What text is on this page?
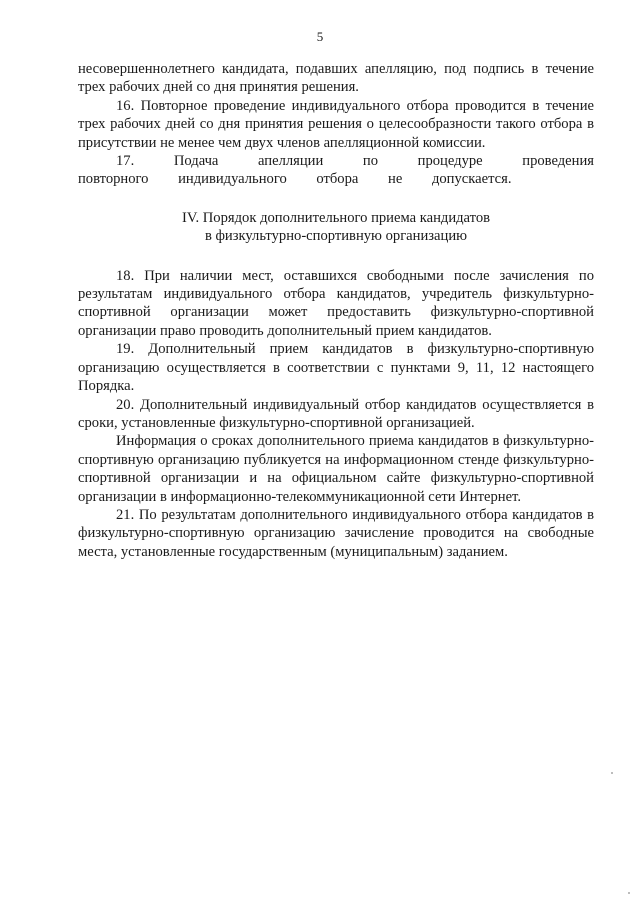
5

несовершеннолетнего кандидата, подавших апелляцию, под подпись в течение трех рабочих дней со дня принятия решения.

16. Повторное проведение индивидуального отбора проводится в течение трех рабочих дней со дня принятия решения о целесообразности такого отбора в присутствии не менее чем двух членов апелляционной комиссии.

17. Подача апелляции по процедуре проведения повторного индивидуального отбора не допускается.

IV. Порядок дополнительного приема кандидатов
в физкультурно-спортивную организацию

18. При наличии мест, оставшихся свободными после зачисления по результатам индивидуального отбора кандидатов, учредитель физкультурно-спортивной организации может предоставить физкультурно-спортивной организации право проводить дополнительный прием кандидатов.

19. Дополнительный прием кандидатов в физкультурно-спортивную организацию осуществляется в соответствии с пунктами 9, 11, 12 настоящего Порядка.

20. Дополнительный индивидуальный отбор кандидатов осуществляется в сроки, установленные физкультурно-спортивной организацией.

Информация о сроках дополнительного приема кандидатов в физкультурно-спортивную организацию публикуется на информационном стенде физкультурно-спортивной организации и на официальном сайте физкультурно-спортивной организации в информационно-телекоммуникационной сети Интернет.

21. По результатам дополнительного индивидуального отбора кандидатов в физкультурно-спортивную организацию зачисление проводится на свободные места, установленные государственным (муниципальным) заданием.
